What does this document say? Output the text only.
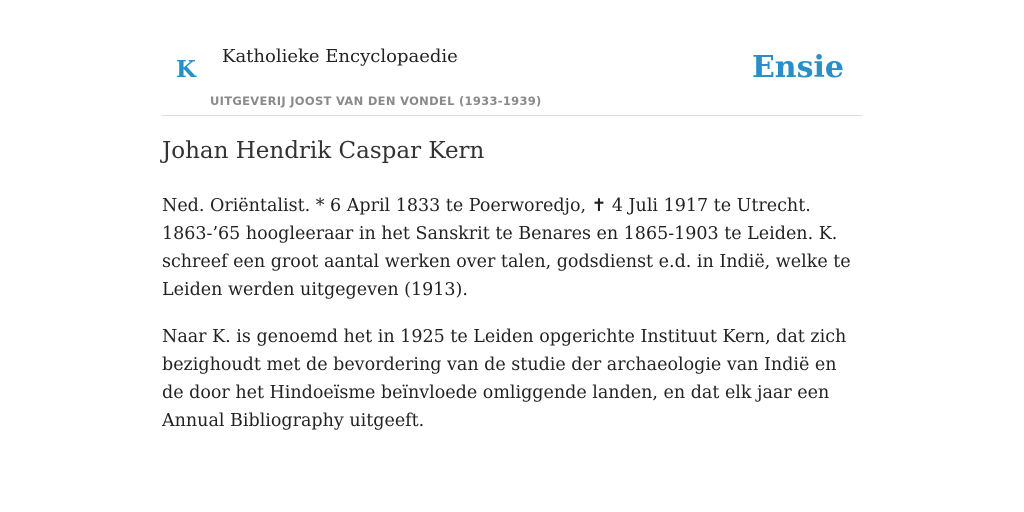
K Katholieke Encyclopaedie
UITGEVERIJ JOOST VAN DEN VONDEL (1933-1939)
Ensie
Johan Hendrik Caspar Kern

Ned. Oriëntalist. * 6 April 1833 te Poerworedjo, ✝ 4 Juli 1917 te Utrecht. 1863-’65 hoogleeraar in het Sanskrit te Benares en 1865-1903 te Leiden. K. schreef een groot aantal werken over talen, godsdienst e.d. in Indië, welke te Leiden werden uitgegeven (1913).

Naar K. is genoemd het in 1925 te Leiden opgerichte Instituut Kern, dat zich bezighoudt met de bevordering van de studie der archaeologie van Indië en de door het Hindoeïsme beïnvloede omliggende landen, en dat elk jaar een Annual Bibliography uitgeeft.
